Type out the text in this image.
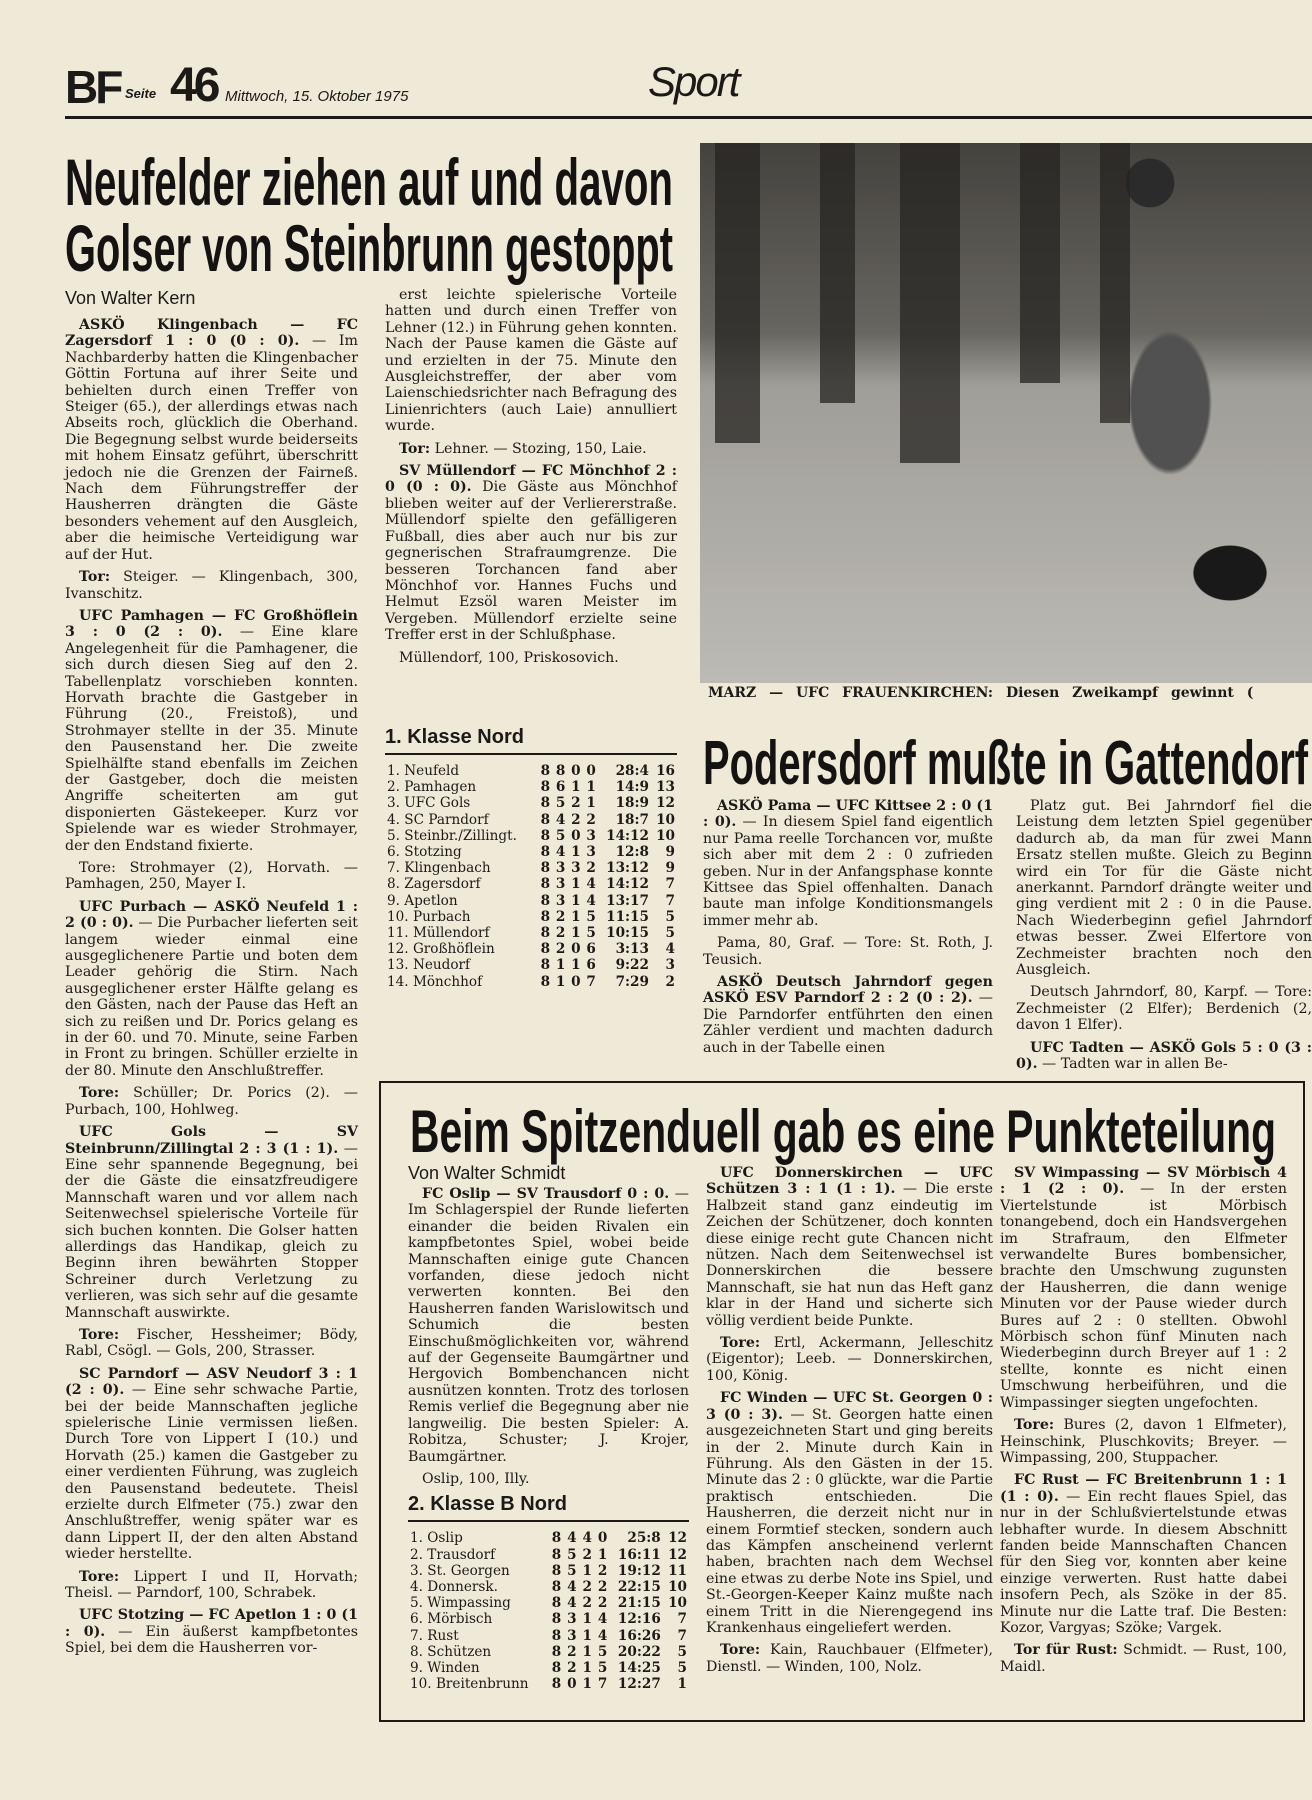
BF Seite 46 Mittwoch, 15. Oktober 1975	Sport
Neufelder ziehen auf und davon
Golser von Steinbrunn gestoppt

Von Walter Kern

ASKÖ Klingenbach — FC Zagersdorf 1 : 0 (0 : 0). — Im Nachbarderby hatten die Klingenbacher Göttin Fortuna auf ihrer Seite und behielten durch einen Treffer von Steiger (65.), der allerdings etwas nach Abseits roch, glücklich die Oberhand. Die Begegnung selbst wurde beiderseits mit hohem Einsatz geführt, überschritt jedoch nie die Grenzen der Fairneß. Nach dem Führungstreffer der Hausherren drängten die Gäste besonders vehement auf den Ausgleich, aber die heimische Verteidigung war auf der Hut.

Tor: Steiger. — Klingenbach, 300, Ivanschitz.

UFC Pamhagen — FC Großhöflein 3 : 0 (2 : 0). — Eine klare Angelegenheit für die Pamhagener, die sich durch diesen Sieg auf den 2. Tabellenplatz vorschieben konnten. Horvath brachte die Gastgeber in Führung (20., Freistoß), und Strohmayer stellte in der 35. Minute den Pausenstand her. Die zweite Spielhälfte stand ebenfalls im Zeichen der Gastgeber, doch die meisten Angriffe scheiterten am gut disponierten Gästekeeper. Kurz vor Spielende war es wieder Strohmayer, der den Endstand fixierte.

Tore: Strohmayer (2), Horvath. — Pamhagen, 250, Mayer I.

UFC Purbach — ASKÖ Neufeld 1 : 2 (0 : 0). — Die Purbacher lieferten seit langem wieder einmal eine ausgeglichenere Partie und boten dem Leader gehörig die Stirn. Nach ausgeglichener erster Hälfte gelang es den Gästen, nach der Pause das Heft an sich zu reißen und Dr. Porics gelang es in der 60. und 70. Minute, seine Farben in Front zu bringen. Schüller erzielte in der 80. Minute den Anschlußtreffer.

Tore: Schüller; Dr. Porics (2). — Purbach, 100, Hohlweg.

UFC Gols — SV Steinbrunn/Zillingtal 2 : 3 (1 : 1). — Eine sehr spannende Begegnung, bei der die Gäste die einsatzfreudigere Mannschaft waren und vor allem nach Seitenwechsel spielerische Vorteile für sich buchen konnten. Die Golser hatten allerdings das Handikap, gleich zu Beginn ihren bewährten Stopper Schreiner durch Verletzung zu verlieren, was sich sehr auf die gesamte Mannschaft auswirkte.

Tore: Fischer, Hessheimer; Bödy, Rabl, Csögl. — Gols, 200, Strasser.

SC Parndorf — ASV Neudorf 3 : 1 (2 : 0). — Eine sehr schwache Partie, bei der beide Mannschaften jegliche spielerische Linie vermissen ließen. Durch Tore von Lippert I (10.) und Horvath (25.) kamen die Gastgeber zu einer verdienten Führung, was zugleich den Pausenstand bedeutete. Theisl erzielte durch Elfmeter (75.) zwar den Anschlußtreffer, wenig später war es dann Lippert II, der den alten Abstand wieder herstellte.

Tore: Lippert I und II, Horvath; Theisl. — Parndorf, 100, Schrabek.

UFC Stotzing — FC Apetlon 1 : 0 (1 : 0). — Ein äußerst kampfbetontes Spiel, bei dem die Hausherren vor-

erst leichte spielerische Vorteile hatten und durch einen Treffer von Lehner (12.) in Führung gehen konnten. Nach der Pause kamen die Gäste auf und erzielten in der 75. Minute den Ausgleichstreffer, der aber vom Laienschiedsrichter nach Befragung des Linienrichters (auch Laie) annulliert wurde.

Tor: Lehner. — Stozing, 150, Laie.

SV Müllendorf — FC Mönchhof 2 : 0 (0 : 0). Die Gäste aus Mönchhof blieben weiter auf der Verliererstraße. Müllendorf spielte den gefälligeren Fußball, dies aber auch nur bis zur gegnerischen Strafraumgrenze. Die besseren Torchancen fand aber Mönchhof vor. Hannes Fuchs und Helmut Ezsöl waren Meister im Vergeben. Müllendorf erzielte seine Treffer erst in der Schlußphase.

Müllendorf, 100, Priskosovich.

1. Klasse Nord
1. Neufeld	8	8	0	0	28:4	16
2. Pamhagen	8	6	1	1	14:9	13
3. UFC Gols	8	5	2	1	18:9	12
4. SC Parndorf	8	4	2	2	18:7	10
5. Steinbr./Zillingt.	8	5	0	3	14:12	10
6. Stotzing	8	4	1	3	12:8	9
7. Klingenbach	8	3	3	2	13:12	9
8. Zagersdorf	8	3	1	4	14:12	7
9. Apetlon	8	3	1	4	13:17	7
10. Purbach	8	2	1	5	11:15	5
11. Müllendorf	8	2	1	5	10:15	5
12. Großhöflein	8	2	0	6	3:13	4
13. Neudorf	8	1	1	6	9:22	3
14. Mönchhof	8	1	0	7	7:29	2
MARZ — UFC FRAUENKIRCHEN: Diesen Zweikampf gewinnt (
Podersdorf mußte in Gattendorf

ASKÖ Pama — UFC Kittsee 2 : 0 (1 : 0). — In diesem Spiel fand eigentlich nur Pama reelle Torchancen vor, mußte sich aber mit dem 2 : 0 zufrieden geben. Nur in der Anfangsphase konnte Kittsee das Spiel offenhalten. Danach baute man infolge Konditionsmangels immer mehr ab.

Pama, 80, Graf. — Tore: St. Roth, J. Teusich.

ASKÖ Deutsch Jahrndorf gegen ASKÖ ESV Parndorf 2 : 2 (0 : 2). — Die Parndorfer entführten den einen Zähler verdient und machten dadurch auch in der Tabelle einen

Platz gut. Bei Jahrndorf fiel die Leistung dem letzten Spiel gegenüber dadurch ab, da man für zwei Mann Ersatz stellen mußte. Gleich zu Beginn wird ein Tor für die Gäste nicht anerkannt. Parndorf drängte weiter und ging verdient mit 2 : 0 in die Pause. Nach Wiederbeginn gefiel Jahrndorf etwas besser. Zwei Elfertore von Zechmeister brachten noch den Ausgleich.

Deutsch Jahrndorf, 80, Karpf. — Tore: Zechmeister (2 Elfer); Berdenich (2, davon 1 Elfer).

UFC Tadten — ASKÖ Gols 5 : 0 (3 : 0). — Tadten war in allen Be-

Beim Spitzenduell gab es eine Punkteteilung

Von Walter Schmidt

FC Oslip — SV Trausdorf 0 : 0. — Im Schlagerspiel der Runde lieferten einander die beiden Rivalen ein kampfbetontes Spiel, wobei beide Mannschaften einige gute Chancen vorfanden, diese jedoch nicht verwerten konnten. Bei den Hausherren fanden Warislowitsch und Schumich die besten Einschußmöglichkeiten vor, während auf der Gegenseite Baumgärtner und Hergovich Bombenchancen nicht ausnützen konnten. Trotz des torlosen Remis verlief die Begegnung aber nie langweilig. Die besten Spieler: A. Robitza, Schuster; J. Krojer, Baumgärtner.

Oslip, 100, Illy.

2. Klasse B Nord
1. Oslip	8	4	4	0	25:8	12
2. Trausdorf	8	5	2	1	16:11	12
3. St. Georgen	8	5	1	2	19:12	11
4. Donnersk.	8	4	2	2	22:15	10
5. Wimpassing	8	4	2	2	21:15	10
6. Mörbisch	8	3	1	4	12:16	7
7. Rust	8	3	1	4	16:26	7
8. Schützen	8	2	1	5	20:22	5
9. Winden	8	2	1	5	14:25	5
10. Breitenbrunn	8	0	1	7	12:27	1

UFC Donnerskirchen — UFC Schützen 3 : 1 (1 : 1). — Die erste Halbzeit stand ganz eindeutig im Zeichen der Schützener, doch konnten diese einige recht gute Chancen nicht nützen. Nach dem Seitenwechsel ist Donnerskirchen die bessere Mannschaft, sie hat nun das Heft ganz klar in der Hand und sicherte sich völlig verdient beide Punkte.

Tore: Ertl, Ackermann, Jelleschitz (Eigentor); Leeb. — Donnerskirchen, 100, König.

FC Winden — UFC St. Georgen 0 : 3 (0 : 3). — St. Georgen hatte einen ausgezeichneten Start und ging bereits in der 2. Minute durch Kain in Führung. Als den Gästen in der 15. Minute das 2 : 0 glückte, war die Partie praktisch entschieden. Die Hausherren, die derzeit nicht nur in einem Formtief stecken, sondern auch das Kämpfen anscheinend verlernt haben, brachten nach dem Wechsel eine etwas zu derbe Note ins Spiel, und St.-Georgen-Keeper Kainz mußte nach einem Tritt in die Nierengegend ins Krankenhaus eingeliefert werden.

Tore: Kain, Rauchbauer (Elfmeter), Dienstl. — Winden, 100, Nolz.

SV Wimpassing — SV Mörbisch 4 : 1 (2 : 0). — In der ersten Viertelstunde ist Mörbisch tonangebend, doch ein Handsvergehen im Strafraum, den Elfmeter verwandelte Bures bombensicher, brachte den Umschwung zugunsten der Hausherren, die dann wenige Minuten vor der Pause wieder durch Bures auf 2 : 0 stellten. Obwohl Mörbisch schon fünf Minuten nach Wiederbeginn durch Breyer auf 1 : 2 stellte, konnte es nicht einen Umschwung herbeiführen, und die Wimpassinger siegten ungefochten.

Tore: Bures (2, davon 1 Elfmeter), Heinschink, Pluschkovits; Breyer. — Wimpassing, 200, Stuppacher.

FC Rust — FC Breitenbrunn 1 : 1 (1 : 0). — Ein recht flaues Spiel, das nur in der Schlußviertelstunde etwas lebhafter wurde. In diesem Abschnitt fanden beide Mannschaften Chancen für den Sieg vor, konnten aber keine einzige verwerten. Rust hatte dabei insofern Pech, als Szöke in der 85. Minute nur die Latte traf. Die Besten: Kozor, Vargyas; Szöke; Vargek.

Tor für Rust: Schmidt. — Rust, 100, Maidl.
